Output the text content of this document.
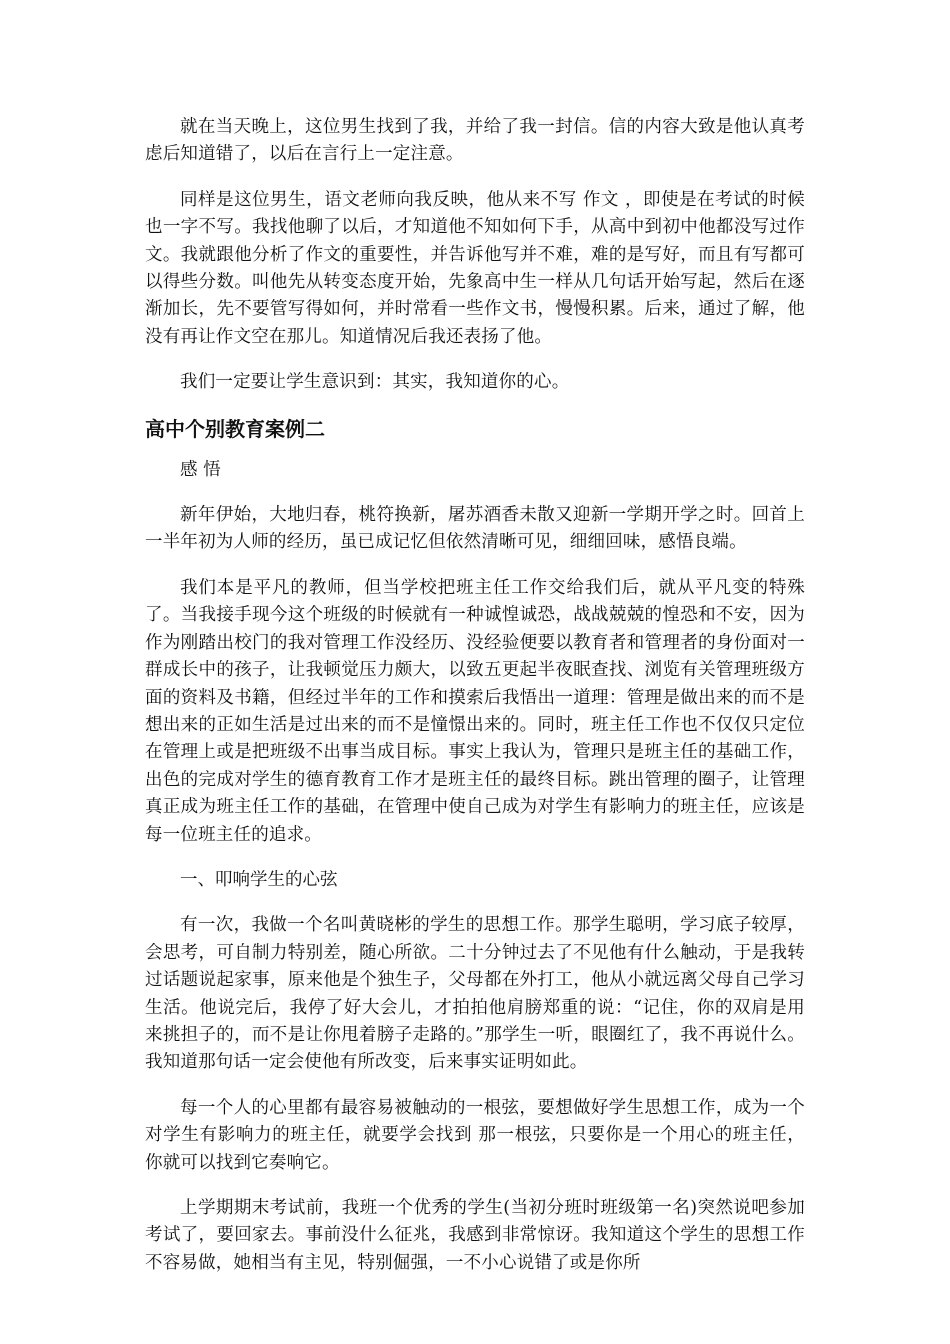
就在当天晚上，这位男生找到了我，并给了我一封信。信的内容大致是他认真考虑后知道错了，以后在言行上一定注意。

同样是这位男生，语文老师向我反映，他从来不写 作文 ，即使是在考试的时候也一字不写。我找他聊了以后，才知道他不知如何下手，从高中到初中他都没写过作文。我就跟他分析了作文的重要性，并告诉他写并不难，难的是写好，而且有写都可以得些分数。叫他先从转变态度开始，先象高中生一样从几句话开始写起，然后在逐渐加长，先不要管写得如何，并时常看一些作文书，慢慢积累。后来，通过了解，他没有再让作文空在那儿。知道情况后我还表扬了他。

我们一定要让学生意识到：其实，我知道你的心。

高中个别教育案例二

感 悟

新年伊始，大地归春，桃符换新，屠苏酒香未散又迎新一学期开学之时。回首上一半年初为人师的经历，虽已成记忆但依然清晰可见，细细回味，感悟良端。

我们本是平凡的教师，但当学校把班主任工作交给我们后，就从平凡变的特殊了。当我接手现今这个班级的时候就有一种诚惶诚恐，战战兢兢的惶恐和不安，因为作为刚踏出校门的我对管理工作没经历、没经验便要以教育者和管理者的身份面对一群成长中的孩子，让我顿觉压力颇大，以致五更起半夜眠查找、浏览有关管理班级方面的资料及书籍，但经过半年的工作和摸索后我悟出一道理：管理是做出来的而不是想出来的正如生活是过出来的而不是憧憬出来的。同时，班主任工作也不仅仅只定位在管理上或是把班级不出事当成目标。事实上我认为，管理只是班主任的基础工作，出色的完成对学生的德育教育工作才是班主任的最终目标。跳出管理的圈子，让管理真正成为班主任工作的基础，在管理中使自己成为对学生有影响力的班主任，应该是每一位班主任的追求。

一、叩响学生的心弦

有一次，我做一个名叫黄晓彬的学生的思想工作。那学生聪明，学习底子较厚，会思考，可自制力特别差，随心所欲。二十分钟过去了不见他有什么触动，于是我转过话题说起家事，原来他是个独生子，父母都在外打工，他从小就远离父母自己学习生活。他说完后，我停了好大会儿，才拍拍他肩膀郑重的说：“记住，你的双肩是用来挑担子的，而不是让你甩着膀子走路的。”那学生一听，眼圈红了，我不再说什么。我知道那句话一定会使他有所改变，后来事实证明如此。

每一个人的心里都有最容易被触动的一根弦，要想做好学生思想工作，成为一个对学生有影响力的班主任，就要学会找到 那一根弦，只要你是一个用心的班主任，你就可以找到它奏响它。

上学期期末考试前，我班一个优秀的学生(当初分班时班级第一名)突然说吧参加考试了，要回家去。事前没什么征兆，我感到非常惊讶。我知道这个学生的思想工作不容易做，她相当有主见，特别倔强，一不小心说错了或是你所
